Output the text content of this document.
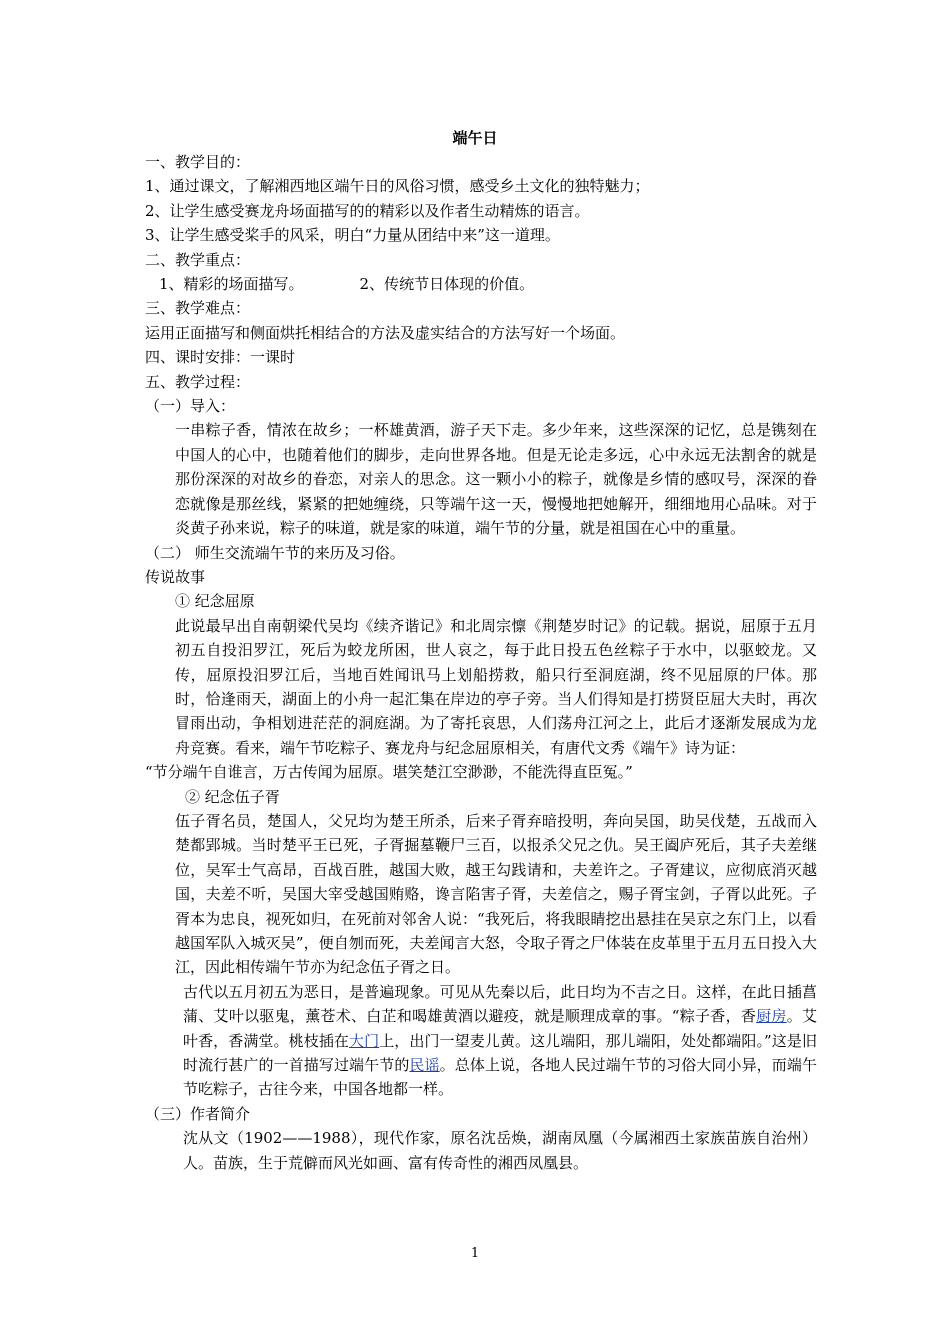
端午日
一、教学目的：
1、通过课文，了解湘西地区端午日的风俗习惯，感受乡土文化的独特魅力；
2、让学生感受赛龙舟场面描写的的精彩以及作者生动精炼的语言。
3、让学生感受桨手的风采，明白“力量从团结中来”这一道理。
二、教学重点：
1、精彩的场面描写。	2、传统节日体现的价值。
三、教学难点：
运用正面描写和侧面烘托相结合的方法及虚实结合的方法写好一个场面。
四、课时安排：一课时
五、教学过程：
（一）导入：
一串粽子香，情浓在故乡；一杯雄黄酒，游子天下走。多少年来，这些深深的记忆，总是镌刻在中国人的心中，也随着他们的脚步，走向世界各地。但是无论走多远，心中永远无法割舍的就是那份深深的对故乡的眷恋，对亲人的思念。这一颗小小的粽子，就像是乡情的感叹号，深深的眷恋就像是那丝线，紧紧的把她缠绕，只等端午这一天，慢慢地把她解开，细细地用心品味。对于炎黄子孙来说，粽子的味道，就是家的味道，端午节的分量，就是祖国在心中的重量。
（二） 师生交流端午节的来历及习俗。
传说故事
① 纪念屈原
此说最早出自南朝梁代吴均《续齐谐记》和北周宗懔《荆楚岁时记》的记载。据说，屈原于五月初五自投汨罗江，死后为蛟龙所困，世人哀之，每于此日投五色丝粽子于水中，以驱蛟龙。又传，屈原投汨罗江后，当地百姓闻讯马上划船捞救，船只行至洞庭湖，终不见屈原的尸体。那时，恰逢雨天，湖面上的小舟一起汇集在岸边的亭子旁。当人们得知是打捞贤臣屈大夫时，再次冒雨出动，争相划进茫茫的洞庭湖。为了寄托哀思，人们荡舟江河之上，此后才逐渐发展成为龙舟竞赛。看来，端午节吃粽子、赛龙舟与纪念屈原相关，有唐代文秀《端午》诗为证：
“节分端午自谁言，万古传闻为屈原。堪笑楚江空渺渺，不能洗得直臣冤。”
② 纪念伍子胥
伍子胥名员，楚国人，父兄均为楚王所杀，后来子胥弃暗投明，奔向吴国，助吴伐楚，五战而入楚都郢城。当时楚平王已死，子胥掘墓鞭尸三百，以报杀父兄之仇。吴王阖庐死后，其子夫差继位，吴军士气高昂，百战百胜，越国大败，越王勾践请和，夫差许之。子胥建议，应彻底消灭越国，夫差不听，吴国大宰受越国贿赂，谗言陷害子胥，夫差信之，赐子胥宝剑，子胥以此死。子胥本为忠良，视死如归，在死前对邻舍人说：“我死后，将我眼睛挖出悬挂在吴京之东门上，以看越国军队入城灭吴”，便自刎而死，夫差闻言大怒，令取子胥之尸体装在皮革里于五月五日投入大江，因此相传端午节亦为纪念伍子胥之日。
古代以五月初五为恶日，是普遍现象。可见从先秦以后，此日均为不吉之日。这样，在此日插菖蒲、艾叶以驱鬼，薰苍术、白芷和喝雄黄酒以避疫，就是顺理成章的事。“粽子香，香厨房。艾叶香，香满堂。桃枝插在大门上，出门一望麦儿黄。这儿端阳，那儿端阳，处处都端阳。”这是旧时流行甚广的一首描写过端午节的民谣。总体上说，各地人民过端午节的习俗大同小异，而端午节吃粽子，古往今来，中国各地都一样。
（三）作者简介
沈从文（1902——1988），现代作家，原名沈岳焕，湖南凤凰（今属湘西土家族苗族自治州）人。苗族，生于荒僻而风光如画、富有传奇性的湘西凤凰县。
1
